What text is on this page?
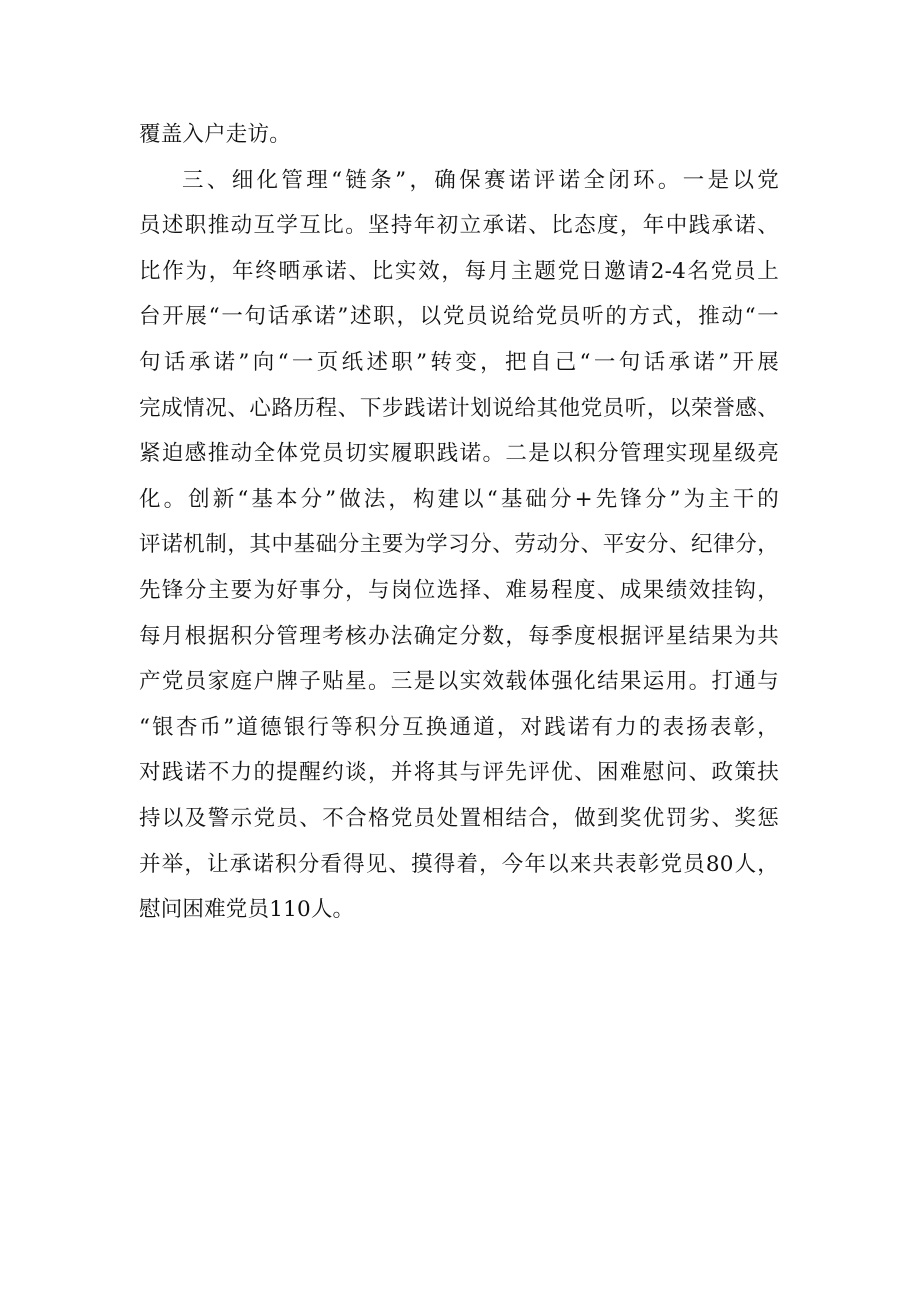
覆盖入户走访。
三、细化管理“链条”，确保赛诺评诺全闭环。一是以党
员述职推动互学互比。坚持年初立承诺、比态度，年中践承诺、
比作为，年终晒承诺、比实效，每月主题党日邀请2-4名党员上
台开展“一句话承诺”述职，以党员说给党员听的方式，推动“一
句话承诺”向“一页纸述职”转变，把自己“一句话承诺”开展
完成情况、心路历程、下步践诺计划说给其他党员听，以荣誉感、
紧迫感推动全体党员切实履职践诺。二是以积分管理实现星级亮
化。创新“基本分”做法，构建以“基础分+先锋分”为主干的
评诺机制，其中基础分主要为学习分、劳动分、平安分、纪律分，
先锋分主要为好事分，与岗位选择、难易程度、成果绩效挂钩，
每月根据积分管理考核办法确定分数，每季度根据评星结果为共
产党员家庭户牌子贴星。三是以实效载体强化结果运用。打通与
“银杏币”道德银行等积分互换通道，对践诺有力的表扬表彰，
对践诺不力的提醒约谈，并将其与评先评优、困难慰问、政策扶
持以及警示党员、不合格党员处置相结合，做到奖优罚劣、奖惩
并举，让承诺积分看得见、摸得着，今年以来共表彰党员80人，
慰问困难党员110人。
